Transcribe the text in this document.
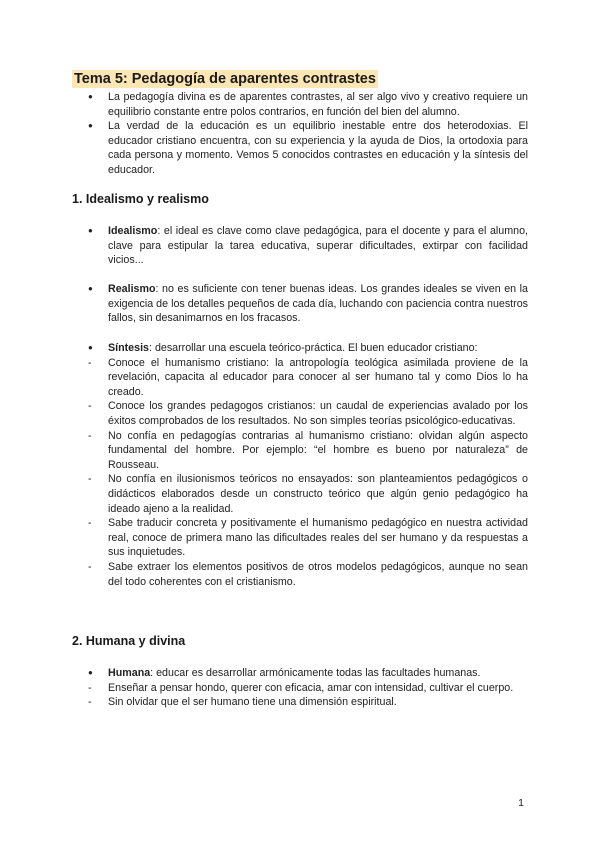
Tema 5: Pedagogía de aparentes contrastes
● La pedagogía divina es de aparentes contrastes, al ser algo vivo y creativo requiere un equilibrio constante entre polos contrarios, en función del bien del alumno.
● La verdad de la educación es un equilibrio inestable entre dos heterodoxias. El educador cristiano encuentra, con su experiencia y la ayuda de Dios, la ortodoxia para cada persona y momento. Vemos 5 conocidos contrastes en educación y la síntesis del educador.
1. Idealismo y realismo
● Idealismo: el ideal es clave como clave pedagógica, para el docente y para el alumno, clave para estipular la tarea educativa, superar dificultades, extirpar con facilidad vicios...
● Realismo: no es suficiente con tener buenas ideas. Los grandes ideales se viven en la exigencia de los detalles pequeños de cada día, luchando con paciencia contra nuestros fallos, sin desanimarnos en los fracasos.
● Síntesis: desarrollar una escuela teórico-práctica. El buen educador cristiano:
- Conoce el humanismo cristiano: la antropología teológica asimilada proviene de la revelación, capacita al educador para conocer al ser humano tal y como Dios lo ha creado.
- Conoce los grandes pedagogos cristianos: un caudal de experiencias avalado por los éxitos comprobados de los resultados. No son simples teorías psicológico-educativas.
- No confía en pedagogías contrarias al humanismo cristiano: olvidan algún aspecto fundamental del hombre. Por ejemplo: “el hombre es bueno por naturaleza” de Rousseau.
- No confía en ilusionismos teóricos no ensayados: son planteamientos pedagógicos o didácticos elaborados desde un constructo teórico que algún genio pedagógico ha ideado ajeno a la realidad.
- Sabe traducir concreta y positivamente el humanismo pedagógico en nuestra actividad real, conoce de primera mano las dificultades reales del ser humano y da respuestas a sus inquietudes.
- Sabe extraer los elementos positivos de otros modelos pedagógicos, aunque no sean del todo coherentes con el cristianismo.
2. Humana y divina
● Humana: educar es desarrollar armónicamente todas las facultades humanas.
- Enseñar a pensar hondo, querer con eficacia, amar con intensidad, cultivar el cuerpo.
- Sin olvidar que el ser humano tiene una dimensión espiritual.
1
